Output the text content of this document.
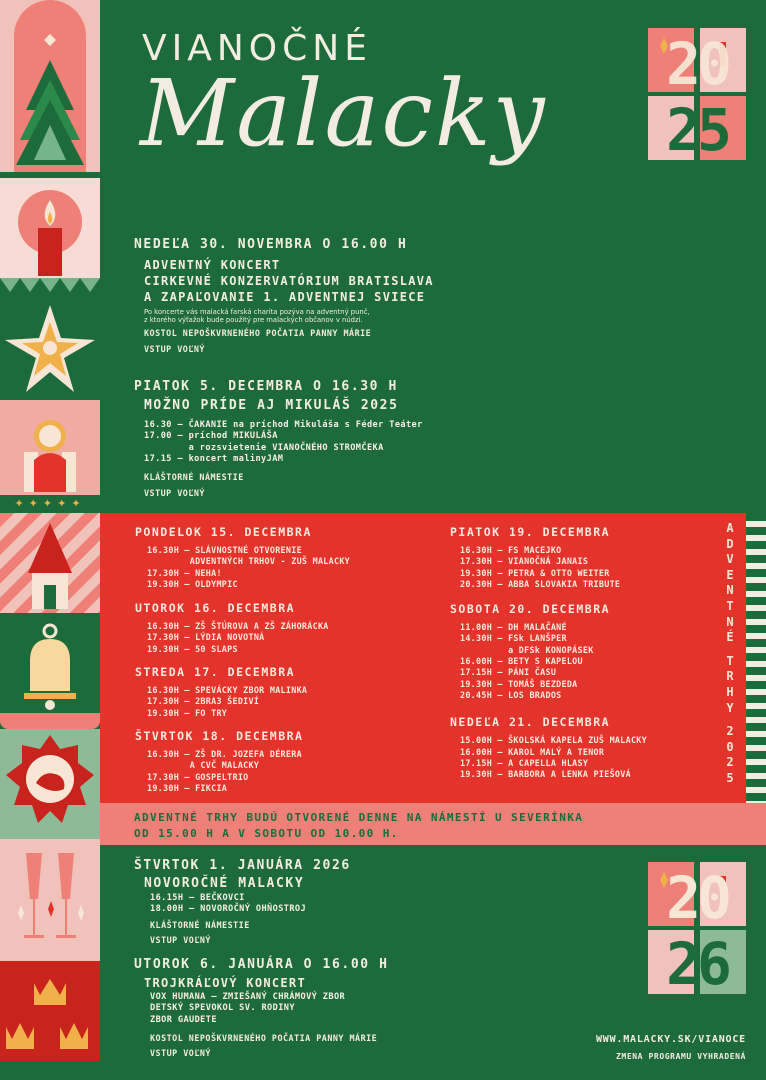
✦✦✦✦✦
VIANOČNÉ
Malacky	20
25
NEDEĽA 30. NOVEMBRA O 16.00 H
ADVENTNÝ KONCERT
CIRKEVNÉ KONZERVATÓRIUM BRATISLAVA
A ZAPAĽOVANIE 1. ADVENTNEJ SVIECE
Po koncerte vás malacká farská charita pozýva na adventný punč,
z ktorého výťažok bude použitý pre malackých občanov v núdzi.
KOSTOL NEPOŠKVRNENÉHO POČATIA PANNY MÁRIE
VSTUP VOĽNÝ
PIATOK 5. DECEMBRA O 16.30 H
MOŽNO PRÍDE AJ MIKULÁŠ 2025
16.30 – ČAKANIE na príchod Mikuláša s Féder Teáter
17.00 – príchod MIKULÁŠA
a rozsvietenie VIANOČNÉHO STROMČEKA
17.15 – koncert malinyJAM
KLÁŠTORNÉ NÁMESTIE
VSTUP VOĽNÝ
PONDELOK 15. DECEMBRA
16.30H – SLÁVNOSTNÉ OTVORENIE
ADVENTNÝCH TRHOV - ZUŠ MALACKY
17.30H – NEHA!
19.30H – OLDYMPIC
UTOROK 16. DECEMBRA
16.30H – ZŠ ŠTÚROVA A ZŠ ZÁHORÁCKA
17.30H – LÝDIA NOVOTNÁ
19.30H – 50 SLAPS
STREDA 17. DECEMBRA
16.30H – SPEVÁCKY ZBOR MALINKA
17.30H – 2BRA3 ŠEDIVÍ
19.30H – FO TRY
ŠTVRTOK 18. DECEMBRA
16.30H – ZŠ DR. JOZEFA DÉRERA
A CVČ MALACKY
17.30H – GOSPELTRIO
19.30H – FIKCIA
PIATOK 19. DECEMBRA
16.30H – FS MACEJKO
17.30H – VIANOČNÁ JANAIS
19.30H – PETRA & OTTO WEITER
20.30H – ABBA SLOVAKIA TRIBUTE
SOBOTA 20. DECEMBRA
11.00H – DH MALAČANÉ
14.30H – FSk LANŠPER
a DFSk KONOPÁSEK
16.00H – BETY S KAPELOU
17.15H – PÁNI ČASU
19.30H – TOMÁŠ BEZDEDA
20.45H – LOS BRADOS
NEDEĽA 21. DECEMBRA
15.00H – ŠKOLSKÁ KAPELA ZUŠ MALACKY
16.00H – KAROL MALÝ A TENOR
17.15H – A CAPELLA HLASY
19.30H – BARBORA A LENKA PIEŠOVÁ
A
D
V
E
N
T
N
É

T
R
H
Y

2
0
2
5
ADVENTNÉ TRHY BUDÚ OTVORENÉ DENNE NA NÁMESTÍ U SEVERÍNKA
OD 15.00 H A V SOBOTU OD 10.00 H.
ŠTVRTOK 1. JANUÁRA 2026
NOVOROČNÉ MALACKY
16.15H – BEČKOVCI
18.00H – NOVOROČNÝ OHŇOSTROJ
KLÁŠTORNÉ NÁMESTIE
VSTUP VOĽNÝ
UTOROK 6. JANUÁRA O 16.00 H
TROJKRÁĽOVÝ KONCERT
VOX HUMANA – ZMIEŠANÝ CHRÁMOVÝ ZBOR
DETSKÝ SPEVOKOL SV. RODINY
ZBOR GAUDETE
KOSTOL NEPOŠKVRNENÉHO POČATIA PANNY MÁRIE
VSTUP VOĽNÝ
20
26
WWW.MALACKY.SK/VIANOCE
ZMENA PROGRAMU VYHRADENÁ
